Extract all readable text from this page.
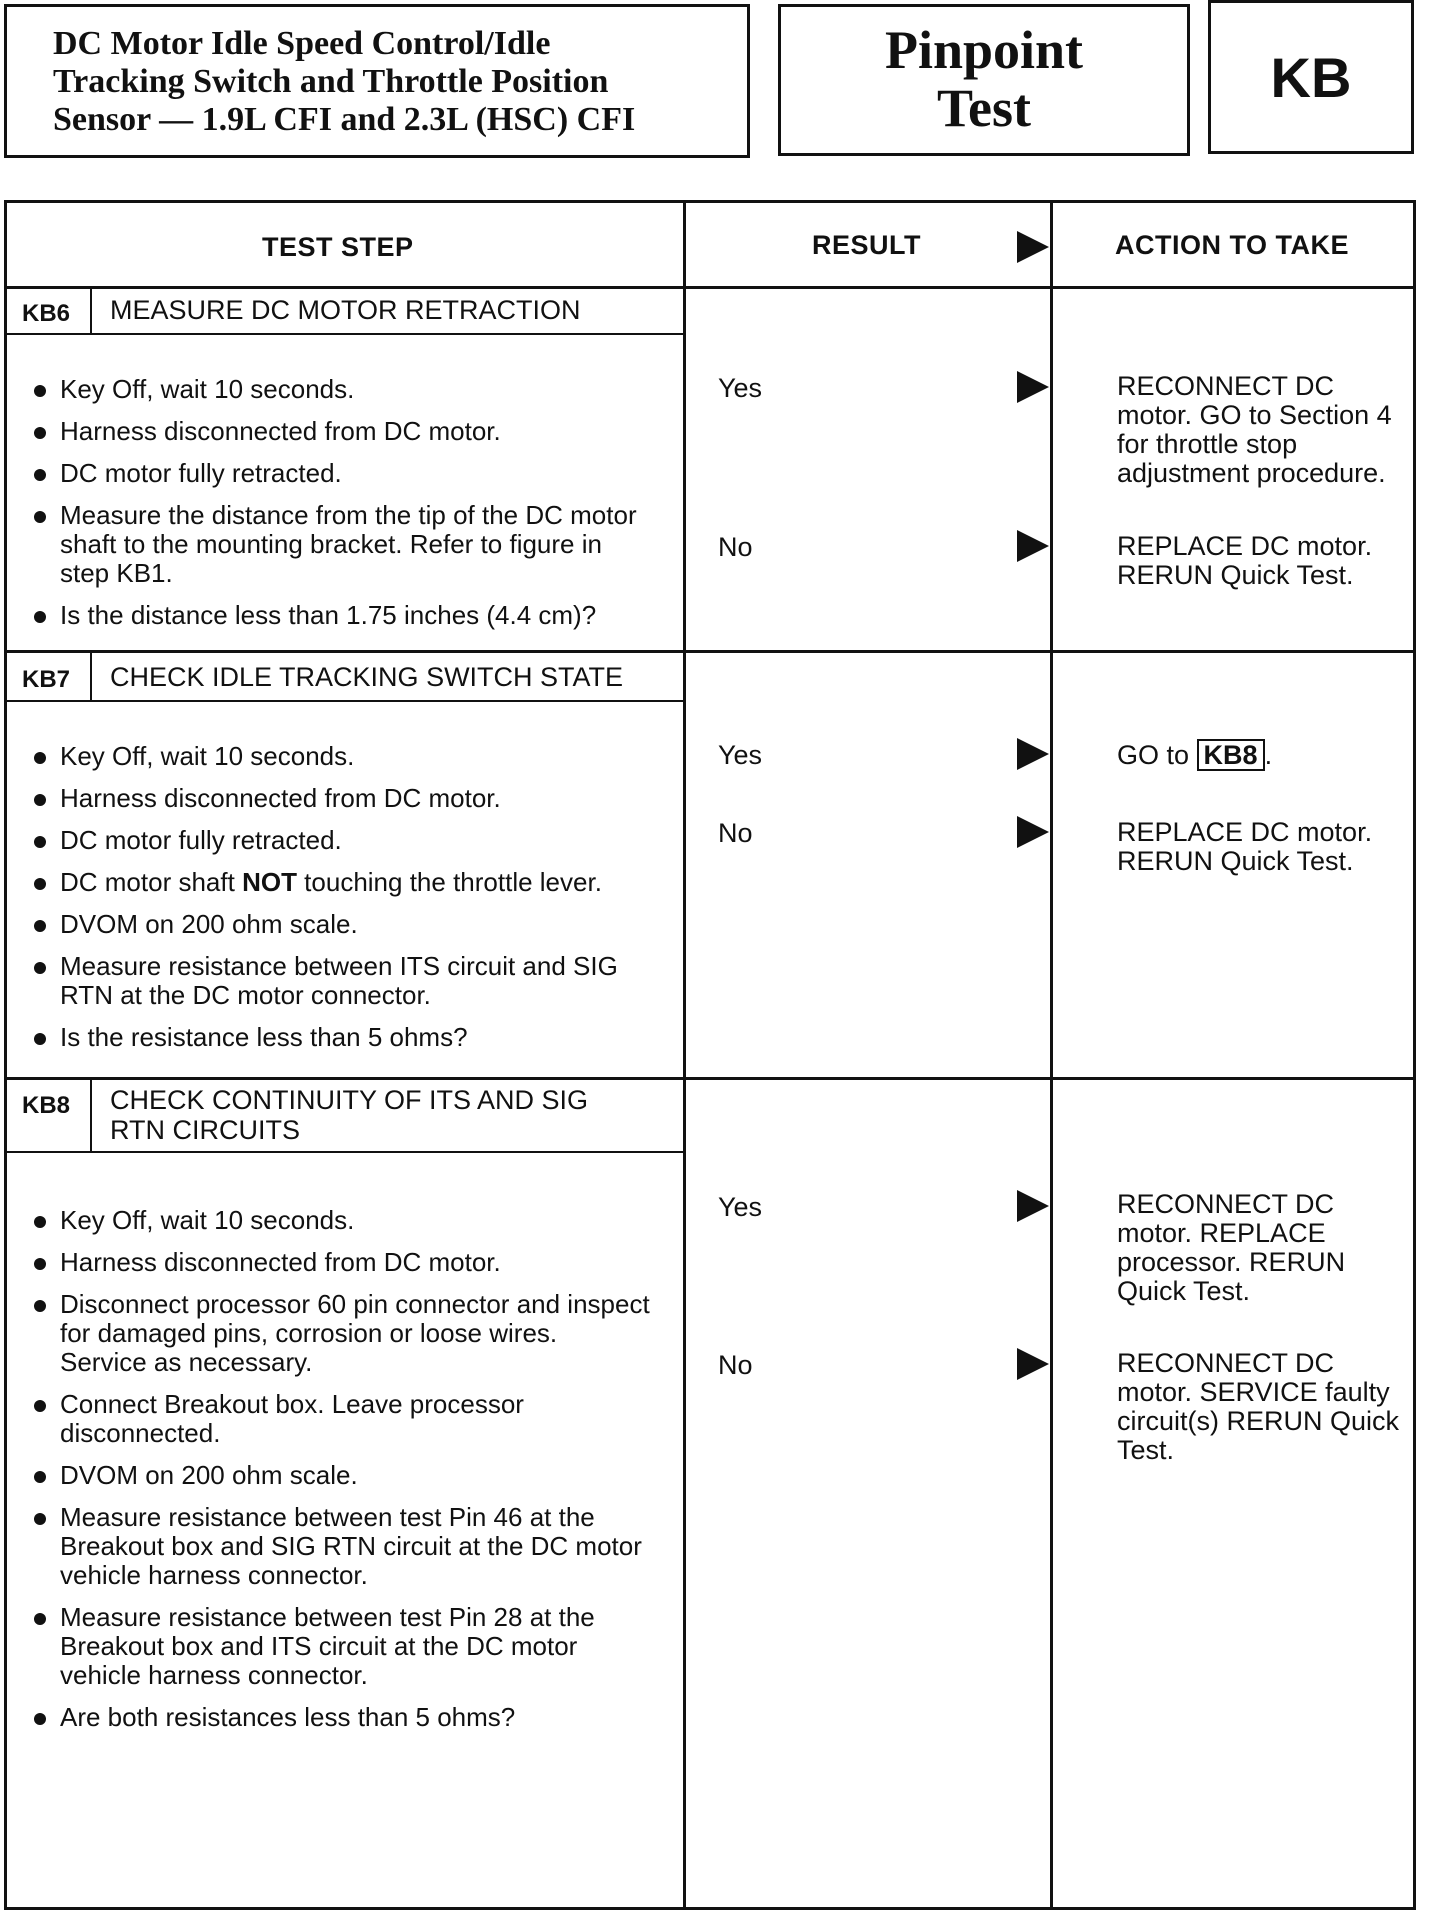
DC Motor Idle Speed Control/Idle

Tracking Switch and Throttle Position

Sensor — 1.9L CFI and 2.3L (HSC) CFI

Pinpoint
Test	KB
TEST STEP	RESULT	ACTION TO TAKE
KB6 MEASURE DC MOTOR RETRACTION
Key Off, wait 10 seconds.
Harness disconnected from DC motor.
DC motor fully retracted.
Measure the distance from the tip of the DC motor shaft to the mounting bracket. Refer to figure in step KB1.
Is the distance less than 1.75 inches (4.4 cm)?
Yes	RECONNECT DC motor. GO to Section 4 for throttle stop adjustment procedure.
No	REPLACE DC motor. RERUN Quick Test.
KB7 CHECK IDLE TRACKING SWITCH STATE
Key Off, wait 10 seconds.
Harness disconnected from DC motor.
DC motor fully retracted.
DC motor shaft NOT touching the throttle lever.
DVOM on 200 ohm scale.
Measure resistance between ITS circuit and SIG RTN at the DC motor connector.
Is the resistance less than 5 ohms?
Yes	GO to KB8 .
No	REPLACE DC motor. RERUN Quick Test.
KB8 CHECK CONTINUITY OF ITS AND SIG
RTN CIRCUITS
Key Off, wait 10 seconds.
Harness disconnected from DC motor.
Disconnect processor 60 pin connector and inspect for damaged pins, corrosion or loose wires. Service as necessary.
Connect Breakout box. Leave processor disconnected.
DVOM on 200 ohm scale.
Measure resistance between test Pin 46 at the Breakout box and SIG RTN circuit at the DC motor vehicle harness connector.
Measure resistance between test Pin 28 at the Breakout box and ITS circuit at the DC motor vehicle harness connector.
Are both resistances less than 5 ohms?
Yes	RECONNECT DC motor. REPLACE processor. RERUN Quick Test.
No	RECONNECT DC motor. SERVICE faulty circuit(s) RERUN Quick Test.
